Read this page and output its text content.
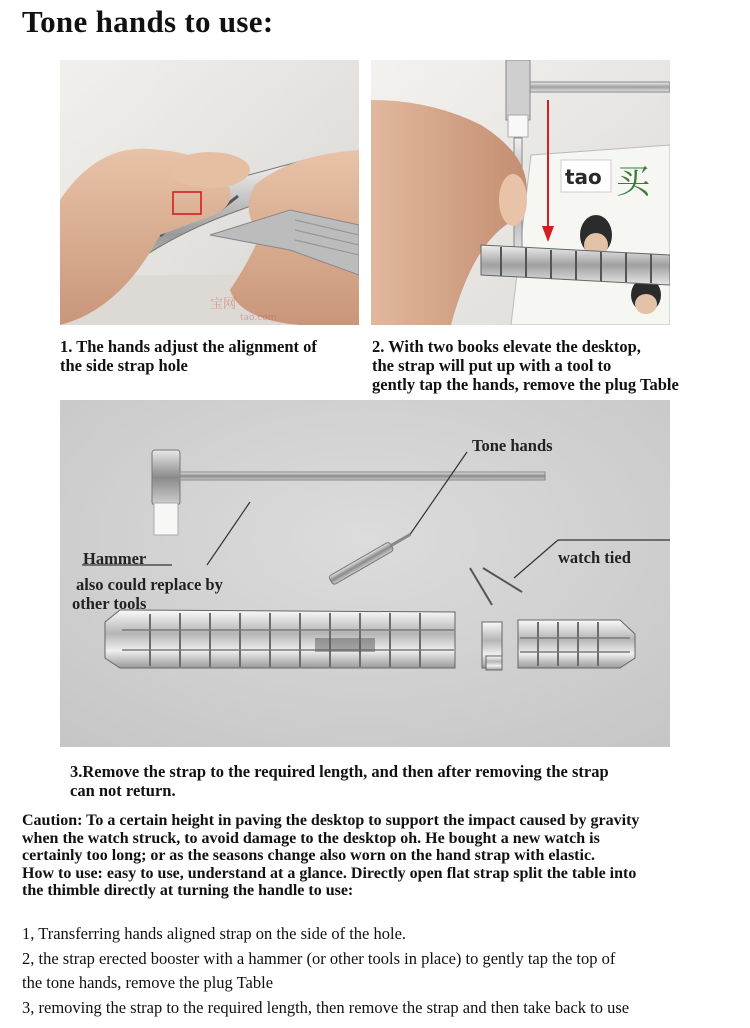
Tone hands to use:
宝网
tao.com
tao 买

1. The hands adjust the alignment of
the side strap hole

2. With two books elevate the desktop,
the strap will put up with a tool to
gently tap the hands, remove the plug Table

Tone hands
Hammer
also could replace by
other tools
watch tied

3.Remove the strap to the required length, and then after removing the strap
can not return.

Caution: To a certain height in paving the desktop to support the impact caused by gravity

when the watch struck, to avoid damage to the desktop oh. He bought a new watch is

certainly too long; or as the seasons change also worn on the hand strap with elastic.

How to use: easy to use, understand at a glance. Directly open flat strap split the table into

the thimble directly at turning the handle to use:

1, Transferring hands aligned strap on the side of the hole.

2, the strap erected booster with a hammer (or other tools in place) to gently tap the top of

the tone hands, remove the plug Table

3, removing the strap to the required length, then remove the strap and then take back to use
